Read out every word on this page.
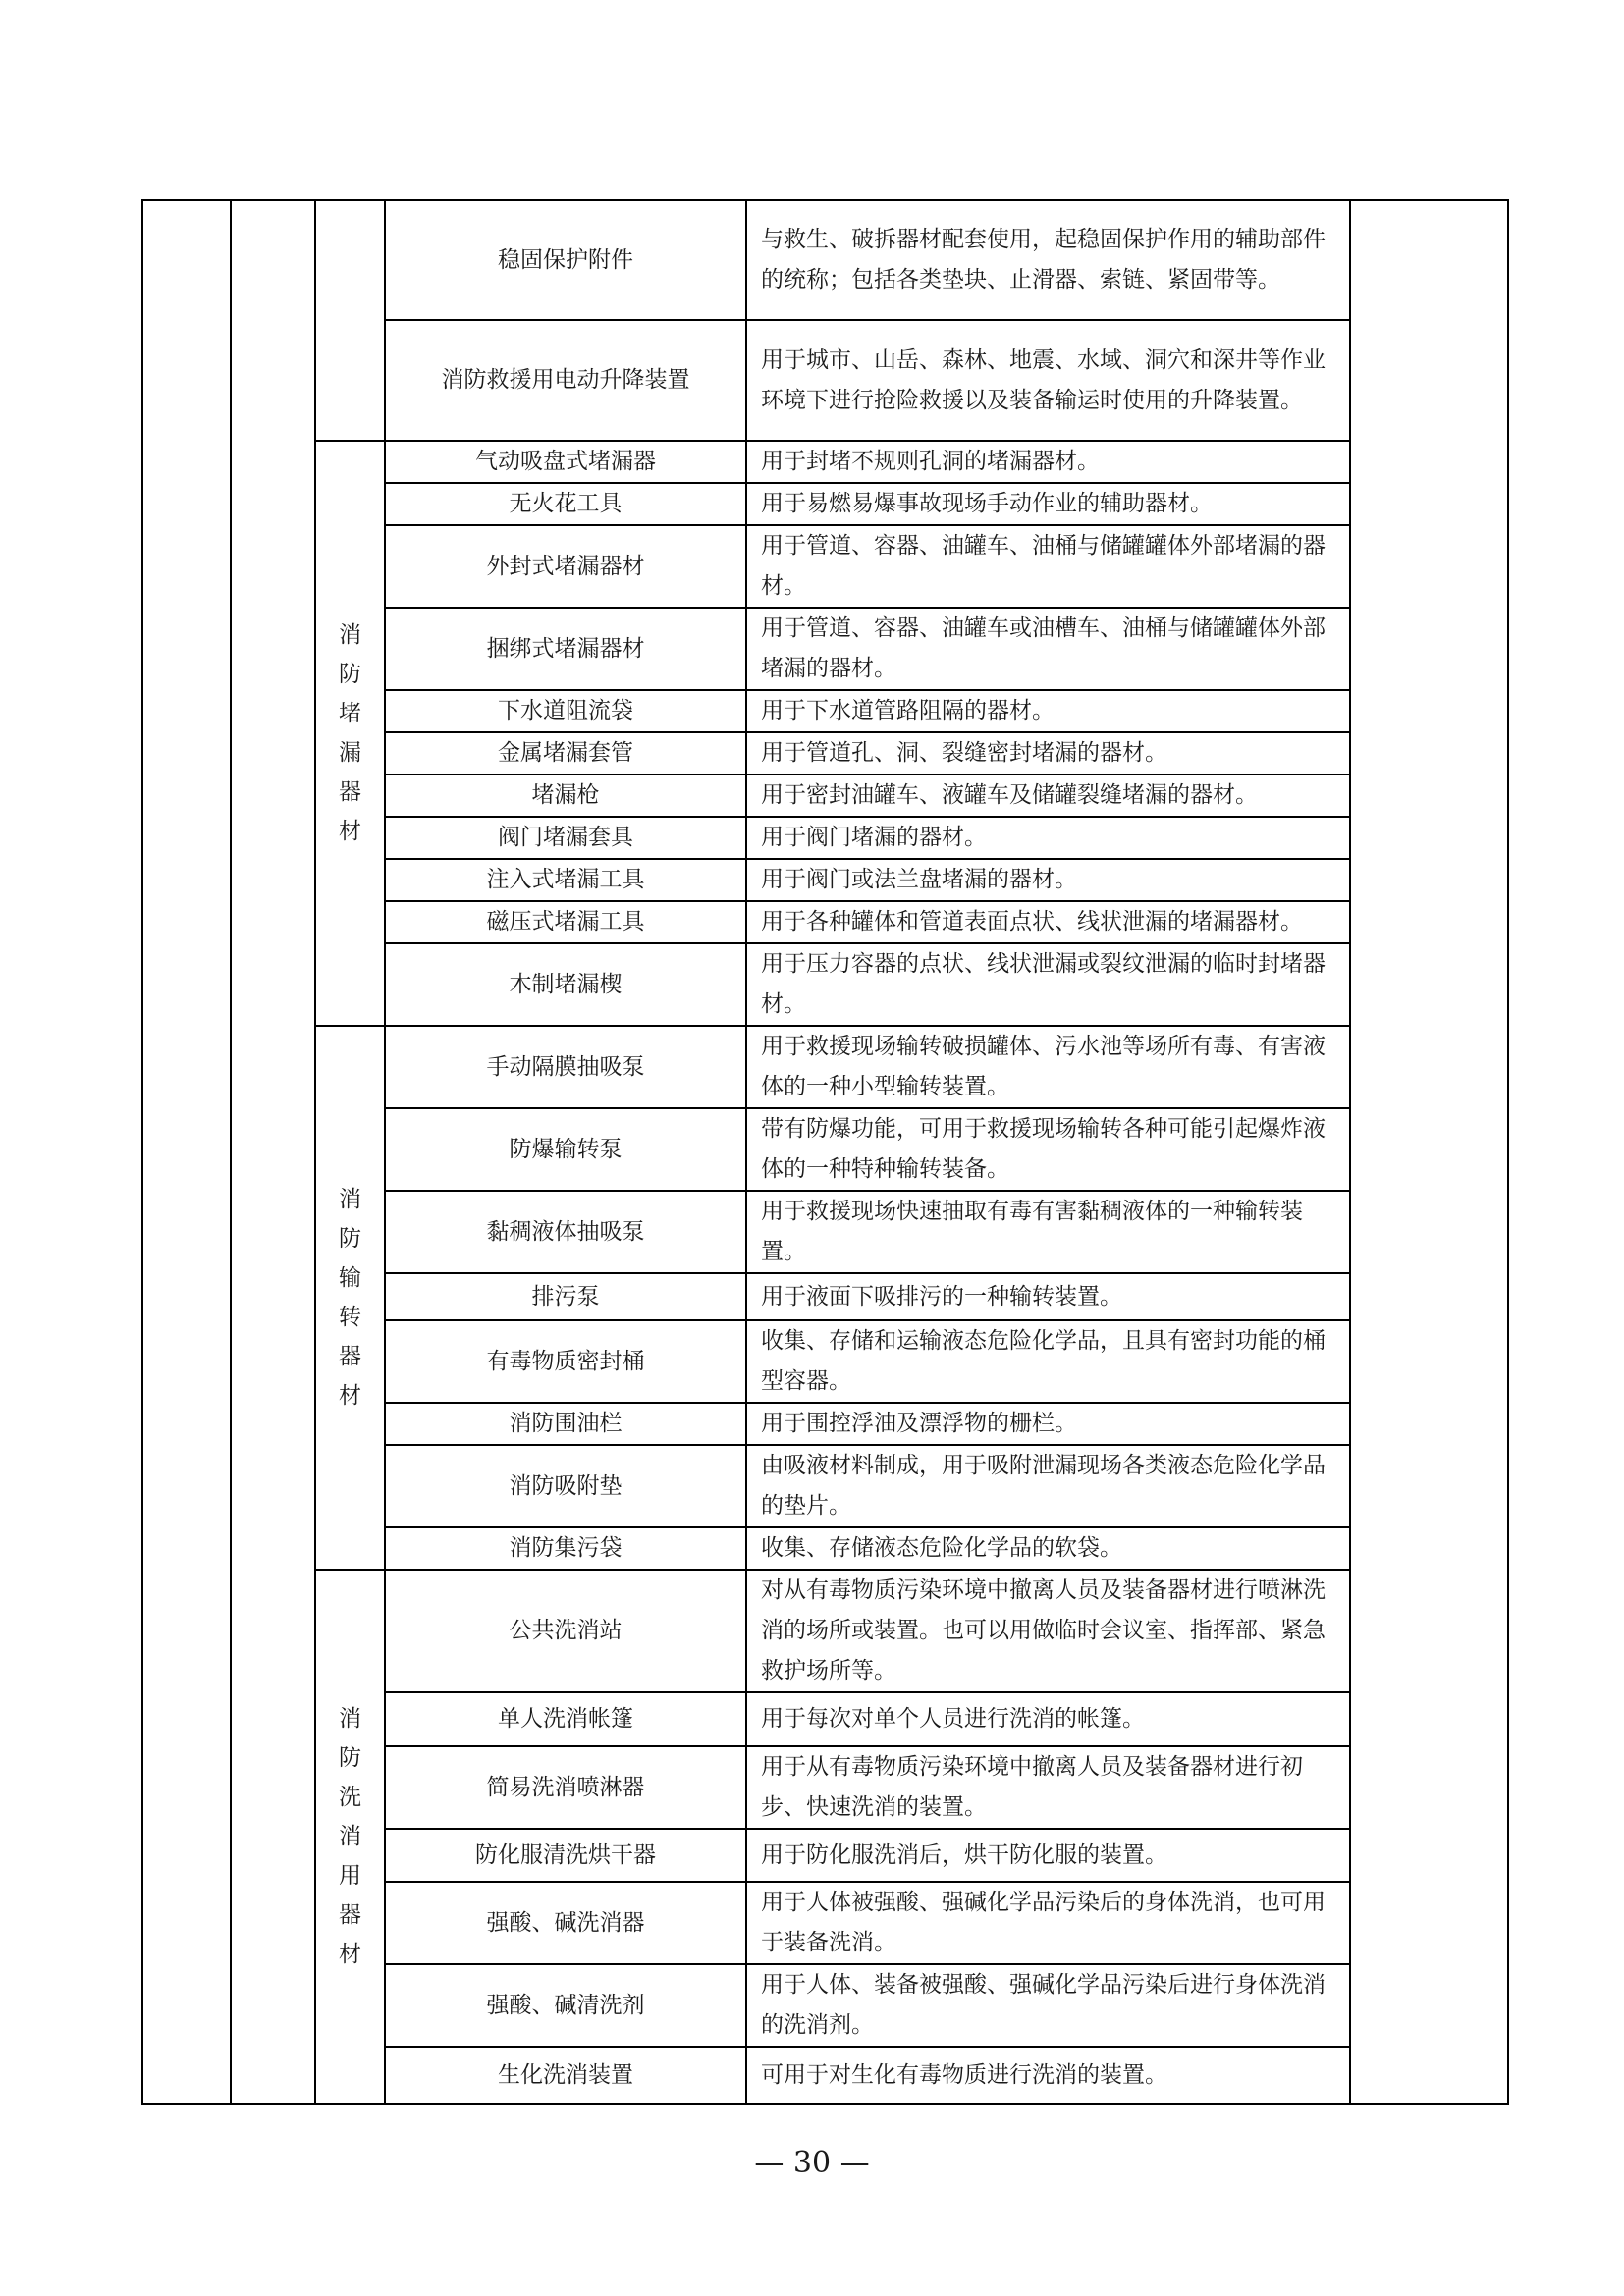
			稳固保护附件	与救生、破拆器材配套使用，起稳固保护作用的辅助部件的统称；包括各类垫块、止滑器、索链、紧固带等。	
			消防救援用电动升降装置	用于城市、山岳、森林、地震、水域、洞穴和深井等作业环境下进行抢险救援以及装备输运时使用的升降装置。	

		消防堵漏器材	气动吸盘式堵漏器	用于封堵不规则孔洞的堵漏器材。	
			无火花工具	用于易燃易爆事故现场手动作业的辅助器材。	
			外封式堵漏器材	用于管道、容器、油罐车、油桶与储罐罐体外部堵漏的器材。	
			捆绑式堵漏器材	用于管道、容器、油罐车或油槽车、油桶与储罐罐体外部堵漏的器材。	
			下水道阻流袋	用于下水道管路阻隔的器材。	
			金属堵漏套管	用于管道孔、洞、裂缝密封堵漏的器材。	
			堵漏枪	用于密封油罐车、液罐车及储罐裂缝堵漏的器材。	
			阀门堵漏套具	用于阀门堵漏的器材。	
			注入式堵漏工具	用于阀门或法兰盘堵漏的器材。	
			磁压式堵漏工具	用于各种罐体和管道表面点状、线状泄漏的堵漏器材。	
			木制堵漏楔	用于压力容器的点状、线状泄漏或裂纹泄漏的临时封堵器材。	

		消防输转器材	手动隔膜抽吸泵	用于救援现场输转破损罐体、污水池等场所有毒、有害液体的一种小型输转装置。	
			防爆输转泵	带有防爆功能，可用于救援现场输转各种可能引起爆炸液体的一种特种输转装备。	
			黏稠液体抽吸泵	用于救援现场快速抽取有毒有害黏稠液体的一种输转装置。	
			排污泵	用于液面下吸排污的一种输转装置。	
			有毒物质密封桶	收集、存储和运输液态危险化学品，且具有密封功能的桶型容器。	
			消防围油栏	用于围控浮油及漂浮物的栅栏。	
			消防吸附垫	由吸液材料制成，用于吸附泄漏现场各类液态危险化学品的垫片。	
			消防集污袋	收集、存储液态危险化学品的软袋。	

		消防洗消用器材	公共洗消站	对从有毒物质污染环境中撤离人员及装备器材进行喷淋洗消的场所或装置。也可以用做临时会议室、指挥部、紧急救护场所等。	
			单人洗消帐篷	用于每次对单个人员进行洗消的帐篷。	
			简易洗消喷淋器	用于从有毒物质污染环境中撤离人员及装备器材进行初步、快速洗消的装置。	
			防化服清洗烘干器	用于防化服洗消后，烘干防化服的装置。	
			强酸、碱洗消器	用于人体被强酸、强碱化学品污染后的身体洗消，也可用于装备洗消。	
			强酸、碱清洗剂	用于人体、装备被强酸、强碱化学品污染后进行身体洗消的洗消剂。	
			生化洗消装置	可用于对生化有毒物质进行洗消的装置。	
— 30 —
